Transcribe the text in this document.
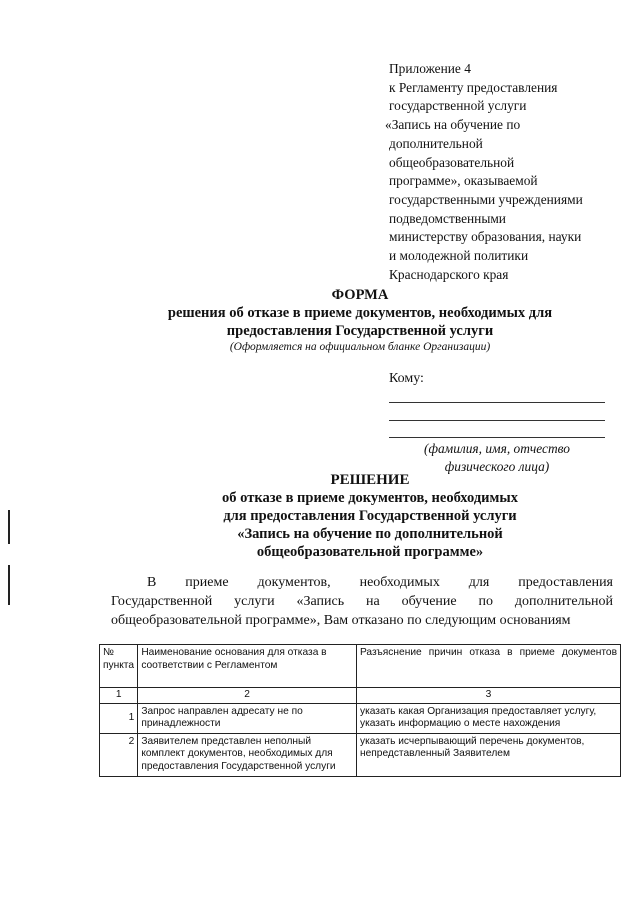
Приложение 4
к Регламенту предоставления
государственной услуги
«Запись на обучение по
дополнительной
общеобразовательной
программе», оказываемой
государственными учреждениями
подведомственными
министерству образования, науки
и молодежной политики
Краснодарского края
ФОРМА
решения об отказе в приеме документов, необходимых для
предоставления Государственной услуги
(Оформляется на официальном бланке Организации)
Кому:
(фамилия, имя, отчество
физического лица)
РЕШЕНИЕ
об отказе в приеме документов, необходимых
для предоставления Государственной услуги
«Запись на обучение по дополнительной
общеобразовательной программе»
В приеме документов, необходимых для предоставления
Государственной услуги «Запись на обучение по дополнительной
общеобразовательной программе», Вам отказано по следующим основаниям
№ пункта	Наименование основания для отказа в соответствии с Регламентом	Разъяснение причин отказа в приеме документов
1	2	3
1	Запрос направлен адресату не по принадлежности	указать какая Организация предоставляет услугу, указать информацию о месте нахождения
2	Заявителем представлен неполный комплект документов, необходимых для предоставления Государственной услуги	указать исчерпывающий перечень документов, непредставленный Заявителем
